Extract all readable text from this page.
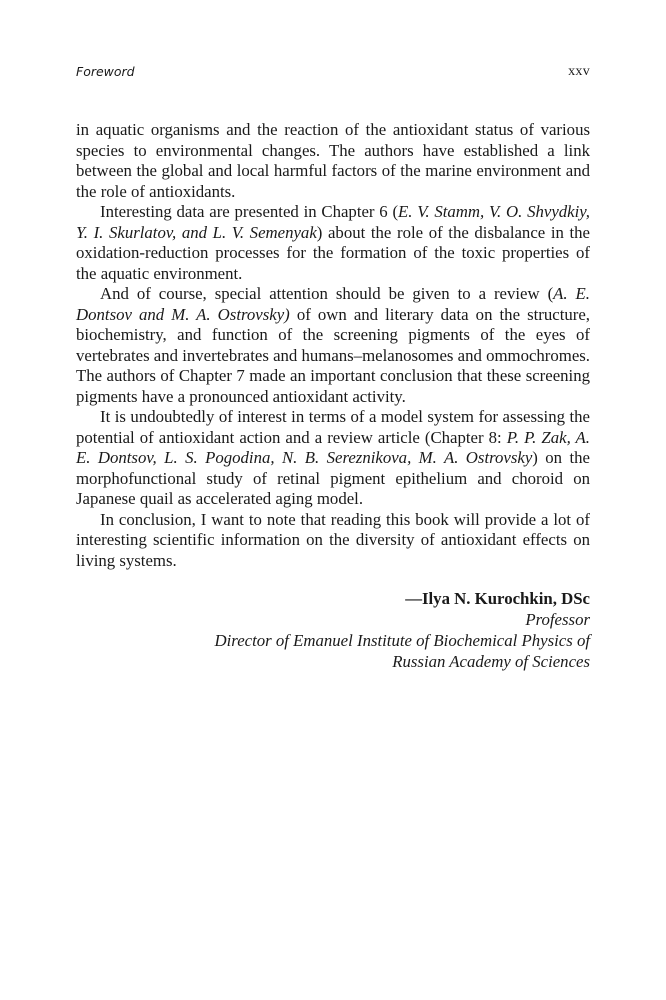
Foreword	xxv

in aquatic organisms and the reaction of the antioxidant status of various species to environmental changes. The authors have established a link between the global and local harmful factors of the marine environment and the role of antioxidants.

Interesting data are presented in Chapter 6 (E. V. Stamm, V. O. Shvydkiy, Y. I. Skurlatov, and L. V. Semenyak) about the role of the disbalance in the oxidation-reduction processes for the formation of the toxic properties of the aquatic environment.

And of course, special attention should be given to a review (A. E. Dontsov and M. A. Ostrovsky) of own and literary data on the structure, biochemistry, and function of the screening pigments of the eyes of vertebrates and invertebrates and humans–melanosomes and ommochromes. The authors of Chapter 7 made an important conclusion that these screening pigments have a pronounced antioxidant activity.

It is undoubtedly of interest in terms of a model system for assessing the potential of antioxidant action and a review article (Chapter 8: P. P. Zak, A. E. Dontsov, L. S. Pogodina, N. B. Sereznikova, M. A. Ostrovsky) on the morphofunctional study of retinal pigment epithelium and choroid on Japanese quail as accelerated aging model.

In conclusion, I want to note that reading this book will provide a lot of interesting scientific information on the diversity of antioxidant effects on living systems.

—Ilya N. Kurochkin, DSc
Professor
Director of Emanuel Institute of Biochemical Physics of
Russian Academy of Sciences
